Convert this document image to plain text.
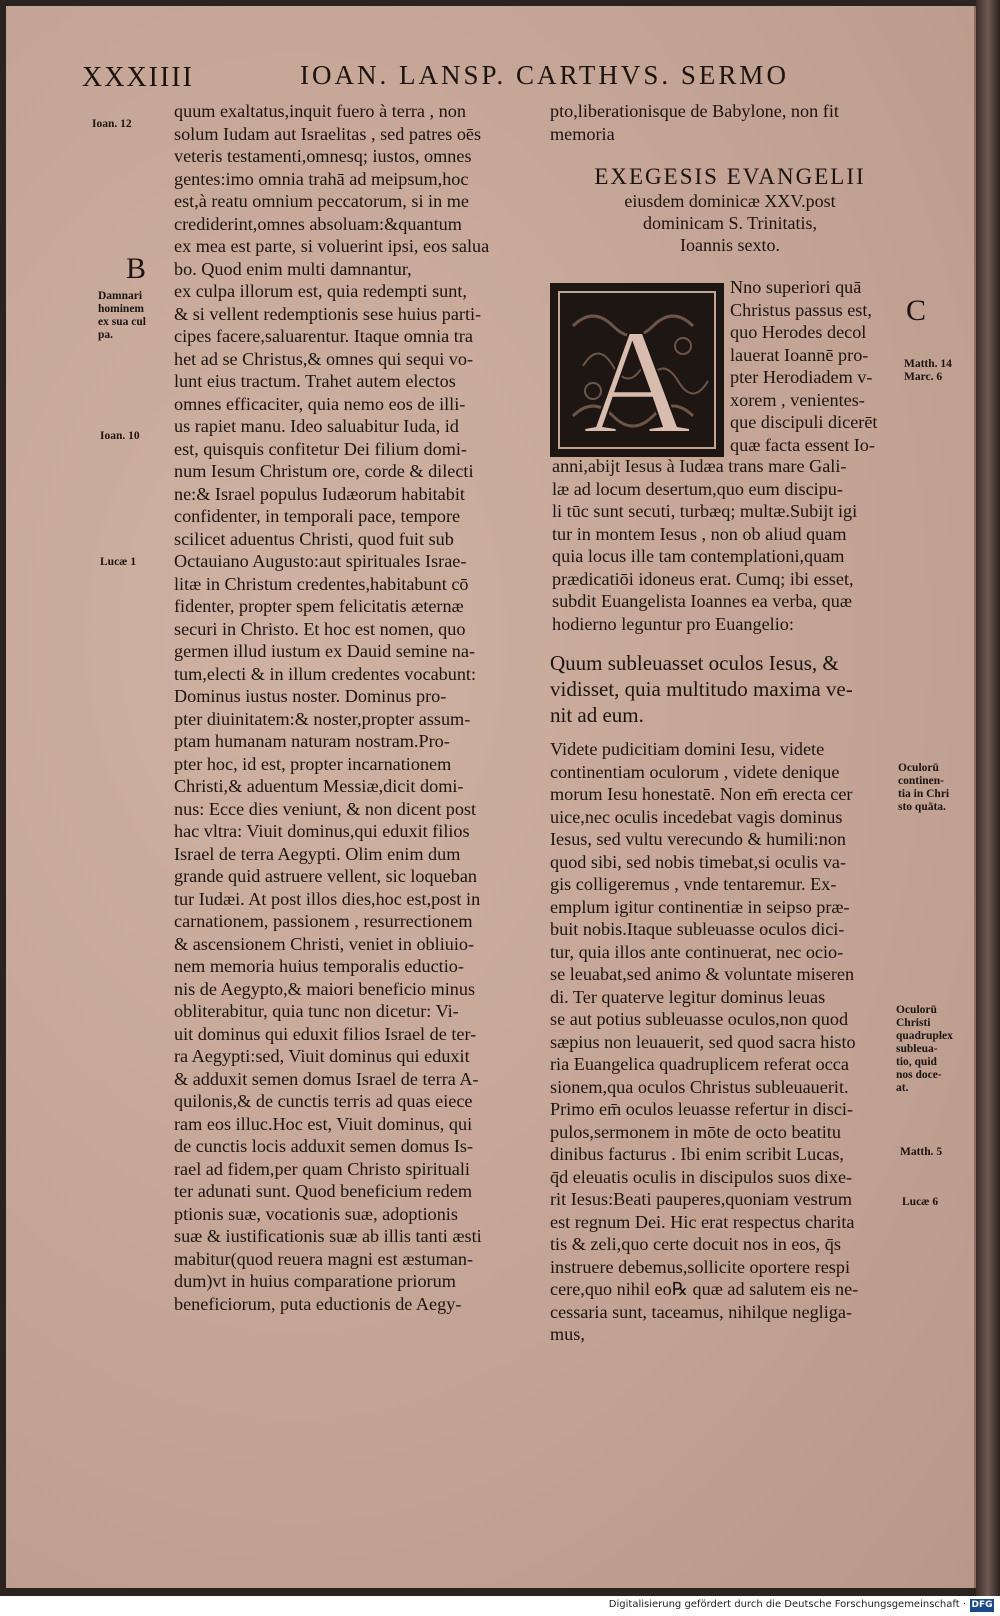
XXXIIII	IOAN. LANSP. CARTHVS. SERMO
quum exaltatus,inquit fuero à terra , non
solum Iudam aut Israelitas , sed patres oēs
veteris testamenti,omnesq; iustos, omnes
gentes:imo omnia trahā ad meipsum,hoc
est,à reatu omnium peccatorum, si in me
crediderint,omnes absoluam:&quantum
ex mea est parte, si voluerint ipsi, eos salua
bo. Quod enim multi damnantur,
ex culpa illorum est, quia redempti sunt,
& si vellent redemptionis sese huius parti-
cipes facere,saluarentur. Itaque omnia tra
het ad se Christus,& omnes qui sequi vo-
lunt eius tractum. Trahet autem electos
omnes efficaciter, quia nemo eos de illi-
us rapiet manu. Ideo saluabitur Iuda, id
est, quisquis confitetur Dei filium domi-
num Iesum Christum ore, corde & dilecti
ne:& Israel populus Iudæorum habitabit
confidenter, in temporali pace, tempore
scilicet aduentus Christi, quod fuit sub
Octauiano Augusto:aut spirituales Israe-
litæ in Christum credentes,habitabunt cō
fidenter, propter spem felicitatis æternæ
securi in Christo. Et hoc est nomen, quo
germen illud iustum ex Dauid semine na-
tum,electi & in illum credentes vocabunt:
Dominus iustus noster. Dominus pro-
pter diuinitatem:& noster,propter assum-
ptam humanam naturam nostram.Pro-
pter hoc, id est, propter incarnationem
Christi,& aduentum Messiæ,dicit domi-
nus: Ecce dies veniunt, & non dicent post
hac vltra: Viuit dominus,qui eduxit filios
Israel de terra Aegypti. Olim enim dum
grande quid astruere vellent, sic loqueban
tur Iudæi. At post illos dies,hoc est,post in
carnationem, passionem , resurrectionem
& ascensionem Christi, veniet in obliuio-
nem memoria huius temporalis eductio-
nis de Aegypto,& maiori beneficio minus
obliterabitur, quia tunc non dicetur: Vi-
uit dominus qui eduxit filios Israel de ter-
ra Aegypti:sed, Viuit dominus qui eduxit
& adduxit semen domus Israel de terra A-
quilonis,& de cunctis terris ad quas eiece
ram eos illuc.Hoc est, Viuit dominus, qui
de cunctis locis adduxit semen domus Is-
rael ad fidem,per quam Christo spirituali
ter adunati sunt. Quod beneficium redem
ptionis suæ, vocationis suæ, adoptionis
suæ & iustificationis suæ ab illis tanti æsti
mabitur(quod reuera magni est æstuman-
dum)vt in huius comparatione priorum
beneficiorum, puta eductionis de Aegy-
pto,liberationisque de Babylone, non fit
memoria
EXEGESIS EVANGELII
eiusdem dominicæ XXV.post
dominicam S. Trinitatis,
Ioannis sexto.
A
Nno superiori quā
Christus passus est,
quo Herodes decol
lauerat Ioannē pro-
pter Herodiadem v-
xorem , venientes-
que discipuli dicerēt
quæ facta essent Io-
anni,abijt Iesus à Iudæa trans mare Gali-
læ ad locum desertum,quo eum discipu-
li tūc sunt secuti, turbæq; multæ.Subijt igi
tur in montem Iesus , non ob aliud quam
quia locus ille tam contemplationi,quam
prædicatiōi idoneus erat. Cumq; ibi esset,
subdit Euangelista Ioannes ea verba, quæ
hodierno leguntur pro Euangelio:
Quum subleuasset oculos Iesus, &
vidisset, quia multitudo maxima ve-
nit ad eum.
Videte pudicitiam domini Iesu, videte
continentiam oculorum , videte denique
morum Iesu honestatē. Non em̄ erecta cer
uice,nec oculis incedebat vagis dominus
Iesus, sed vultu verecundo & humili:non
quod sibi, sed nobis timebat,si oculis va-
gis colligeremus , vnde tentaremur. Ex-
emplum igitur continentiæ in seipso præ-
buit nobis.Itaque subleuasse oculos dici-
tur, quia illos ante continuerat, nec ocio-
se leuabat,sed animo & voluntate miseren
di. Ter quaterve legitur dominus leuas
se aut potius subleuasse oculos,non quod
sæpius non leuauerit, sed quod sacra histo
ria Euangelica quadruplicem referat occa
sionem,qua oculos Christus subleuauerit.
Primo em̄ oculos leuasse refertur in disci-
pulos,sermonem in mōte de octo beatitu
dinibus facturus . Ibi enim scribit Lucas,
q̄d eleuatis oculis in discipulos suos dixe-
rit Iesus:Beati pauperes,quoniam vestrum
est regnum Dei. Hic erat respectus charita
tis & zeli,quo certe docuit nos in eos, q̄s
instruere debemus,sollicite oportere respi
cere,quo nihil eo℞ quæ ad salutem eis ne-
cessaria sunt, taceamus, nihilque negliga-
mus,
Ioan. 12
B
Damnari
hominem
ex sua cul
pa.
Ioan. 10
Lucæ 1
C
Matth. 14
Marc. 6
Oculorū
continen-
tia in Chri
sto quāta.
Oculorū
Christi
quadruplex
subleua-
tio, quid
nos doce-
at.
Matth. 5
Lucæ 6
Digitalisierung gefördert durch die Deutsche Forschungsgemeinschaft · DFG
